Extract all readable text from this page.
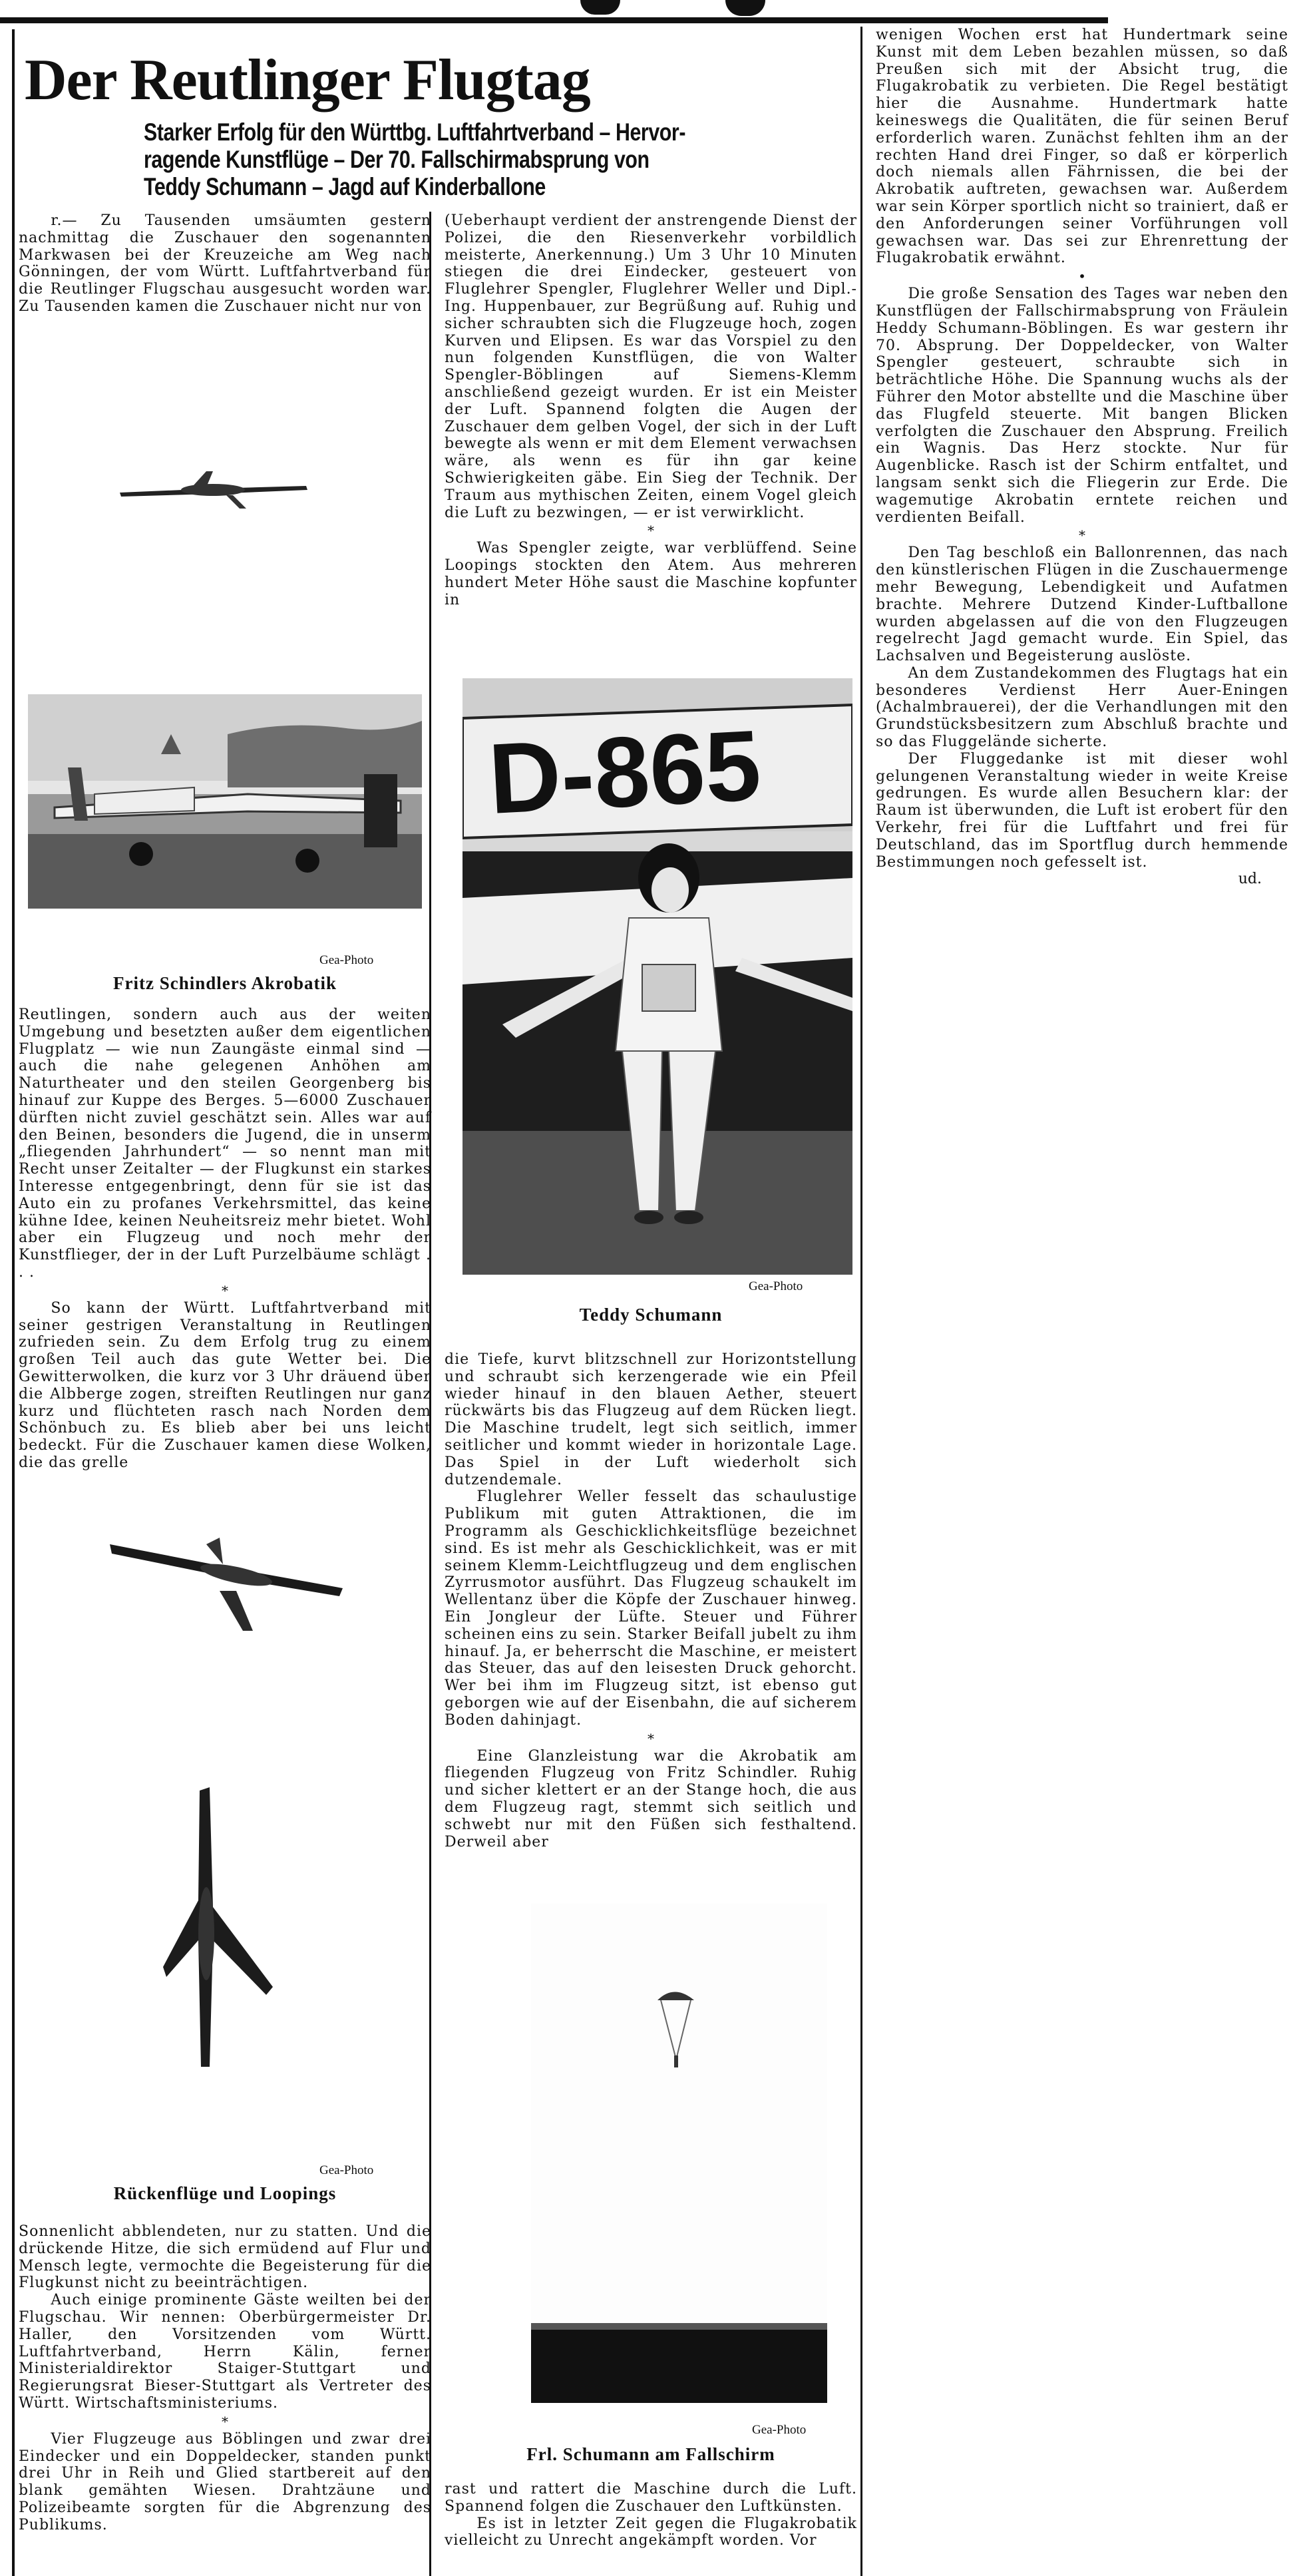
Der Reutlinger Flugtag
Starker Erfolg für den Württbg. Luftfahrtverband – Hervor-
ragende Kunstflüge – Der 70. Fallschirmabsprung von
Teddy Schumann – Jagd auf Kinderballone

r.— Zu Tausenden umsäumten gestern nachmittag die Zuschauer den sogenannten Markwasen bei der Kreuzeiche am Weg nach Gönningen, der vom Württ. Luftfahrtverband für die Reutlinger Flugschau ausgesucht worden war. Zu Tausenden kamen die Zuschauer nicht nur von

Gea-Photo
Fritz Schindlers Akrobatik

Reutlingen, sondern auch aus der weiten Umgebung und besetzten außer dem eigentlichen Flugplatz — wie nun Zaungäste einmal sind — auch die nahe gelegenen Anhöhen am Naturtheater und den steilen Georgenberg bis hinauf zur Kuppe des Berges. 5—6000 Zuschauer dürften nicht zuviel geschätzt sein. Alles war auf den Beinen, besonders die Jugend, die in unserm „fliegenden Jahrhundert“ — so nennt man mit Recht unser Zeitalter — der Flugkunst ein starkes Interesse entgegenbringt, denn für sie ist das Auto ein zu profanes Verkehrsmittel, das keine kühne Idee, keinen Neuheitsreiz mehr bietet. Wohl aber ein Flugzeug und noch mehr der Kunstflieger, der in der Luft Purzelbäume schlägt . . .

*

So kann der Württ. Luftfahrtverband mit seiner gestrigen Veranstaltung in Reutlingen zufrieden sein. Zu dem Erfolg trug zu einem großen Teil auch das gute Wetter bei. Die Gewitterwolken, die kurz vor 3 Uhr dräuend über die Albberge zogen, streiften Reutlingen nur ganz kurz und flüchteten rasch nach Norden dem Schönbuch zu. Es blieb aber bei uns leicht bedeckt. Für die Zuschauer kamen diese Wolken, die das grelle

Gea-Photo
Rückenflüge und Loopings

Sonnenlicht abblendeten, nur zu statten. Und die drückende Hitze, die sich ermüdend auf Flur und Mensch legte, vermochte die Begeisterung für die Flugkunst nicht zu beeinträchtigen.

Auch einige prominente Gäste weilten bei der Flugschau. Wir nennen: Oberbürgermeister Dr. Haller, den Vorsitzenden vom Württ. Luftfahrtverband, Herrn Kälin, ferner Ministerialdirektor Staiger-Stuttgart und Regierungsrat Bieser-Stuttgart als Vertreter des Württ. Wirtschaftsministeriums.

*

Vier Flugzeuge aus Böblingen und zwar drei Eindecker und ein Doppeldecker, standen punkt drei Uhr in Reih und Glied startbereit auf den blank gemähten Wiesen. Drahtzäune und Polizeibeamte sorgten für die Abgrenzung des Publikums.

(Ueberhaupt verdient der anstrengende Dienst der Polizei, die den Riesenverkehr vorbildlich meisterte, Anerkennung.) Um 3 Uhr 10 Minuten stiegen die drei Eindecker, gesteuert von Fluglehrer Spengler, Fluglehrer Weller und Dipl.-Ing. Huppenbauer, zur Begrüßung auf. Ruhig und sicher schraubten sich die Flugzeuge hoch, zogen Kurven und Elipsen. Es war das Vorspiel zu den nun folgenden Kunstflügen, die von Walter Spengler-Böblingen auf Siemens-Klemm anschließend gezeigt wurden. Er ist ein Meister der Luft. Spannend folgten die Augen der Zuschauer dem gelben Vogel, der sich in der Luft bewegte als wenn er mit dem Element verwachsen wäre, als wenn es für ihn gar keine Schwierigkeiten gäbe. Ein Sieg der Technik. Der Traum aus mythischen Zeiten, einem Vogel gleich die Luft zu bezwingen, — er ist verwirklicht.

*

Was Spengler zeigte, war verblüffend. Seine Loopings stockten den Atem. Aus mehreren hundert Meter Höhe saust die Maschine kopfunter in

D-865
Gea-Photo
Teddy Schumann

die Tiefe, kurvt blitzschnell zur Horizontstellung und schraubt sich kerzengerade wie ein Pfeil wieder hinauf in den blauen Aether, steuert rückwärts bis das Flugzeug auf dem Rücken liegt. Die Maschine trudelt, legt sich seitlich, immer seitlicher und kommt wieder in horizontale Lage. Das Spiel in der Luft wiederholt sich dutzendemale.

Fluglehrer Weller fesselt das schaulustige Publikum mit guten Attraktionen, die im Programm als Geschicklichkeitsflüge bezeichnet sind. Es ist mehr als Geschicklichkeit, was er mit seinem Klemm-Leichtflugzeug und dem englischen Zyrrusmotor ausführt. Das Flugzeug schaukelt im Wellentanz über die Köpfe der Zuschauer hinweg. Ein Jongleur der Lüfte. Steuer und Führer scheinen eins zu sein. Starker Beifall jubelt zu ihm hinauf. Ja, er beherrscht die Maschine, er meistert das Steuer, das auf den leisesten Druck gehorcht. Wer bei ihm im Flugzeug sitzt, ist ebenso gut geborgen wie auf der Eisenbahn, die auf sicherem Boden dahinjagt.

*

Eine Glanzleistung war die Akrobatik am fliegenden Flugzeug von Fritz Schindler. Ruhig und sicher klettert er an der Stange hoch, die aus dem Flugzeug ragt, stemmt sich seitlich und schwebt nur mit den Füßen sich festhaltend. Derweil aber

Gea-Photo
Frl. Schumann am Fallschirm

rast und rattert die Maschine durch die Luft. Spannend folgen die Zuschauer den Luftkünsten.

Es ist in letzter Zeit gegen die Flugakrobatik vielleicht zu Unrecht angekämpft worden. Vor

wenigen Wochen erst hat Hundertmark seine Kunst mit dem Leben bezahlen müssen, so daß Preußen sich mit der Absicht trug, die Flugakrobatik zu verbieten. Die Regel bestätigt hier die Ausnahme. Hundertmark hatte keineswegs die Qualitäten, die für seinen Beruf erforderlich waren. Zunächst fehlten ihm an der rechten Hand drei Finger, so daß er körperlich doch niemals allen Fährnissen, die bei der Akrobatik auftreten, gewachsen war. Außerdem war sein Körper sportlich nicht so trainiert, daß er den Anforderungen seiner Vorführungen voll gewachsen war. Das sei zur Ehrenrettung der Flugakrobatik erwähnt.

•

Die große Sensation des Tages war neben den Kunstflügen der Fallschirmabsprung von Fräulein Heddy Schumann-Böblingen. Es war gestern ihr 70. Absprung. Der Doppeldecker, von Walter Spengler gesteuert, schraubte sich in beträchtliche Höhe. Die Spannung wuchs als der Führer den Motor abstellte und die Maschine über das Flugfeld steuerte. Mit bangen Blicken verfolgten die Zuschauer den Absprung. Freilich ein Wagnis. Das Herz stockte. Nur für Augenblicke. Rasch ist der Schirm entfaltet, und langsam senkt sich die Fliegerin zur Erde. Die wagemutige Akrobatin erntete reichen und verdienten Beifall.

*

Den Tag beschloß ein Ballonrennen, das nach den künstlerischen Flügen in die Zuschauermenge mehr Bewegung, Lebendigkeit und Aufatmen brachte. Mehrere Dutzend Kinder-Luftballone wurden abgelassen auf die von den Flugzeugen regelrecht Jagd gemacht wurde. Ein Spiel, das Lachsalven und Begeisterung auslöste.

An dem Zustandekommen des Flugtags hat ein besonderes Verdienst Herr Auer-Eningen (Achalmbrauerei), der die Verhandlungen mit den Grundstücksbesitzern zum Abschluß brachte und so das Fluggelände sicherte.

Der Fluggedanke ist mit dieser wohl gelungenen Veranstaltung wieder in weite Kreise gedrungen. Es wurde allen Besuchern klar: der Raum ist überwunden, die Luft ist erobert für den Verkehr, frei für die Luftfahrt und frei für Deutschland, das im Sportflug durch hemmende Bestimmungen noch gefesselt ist.

ud.
